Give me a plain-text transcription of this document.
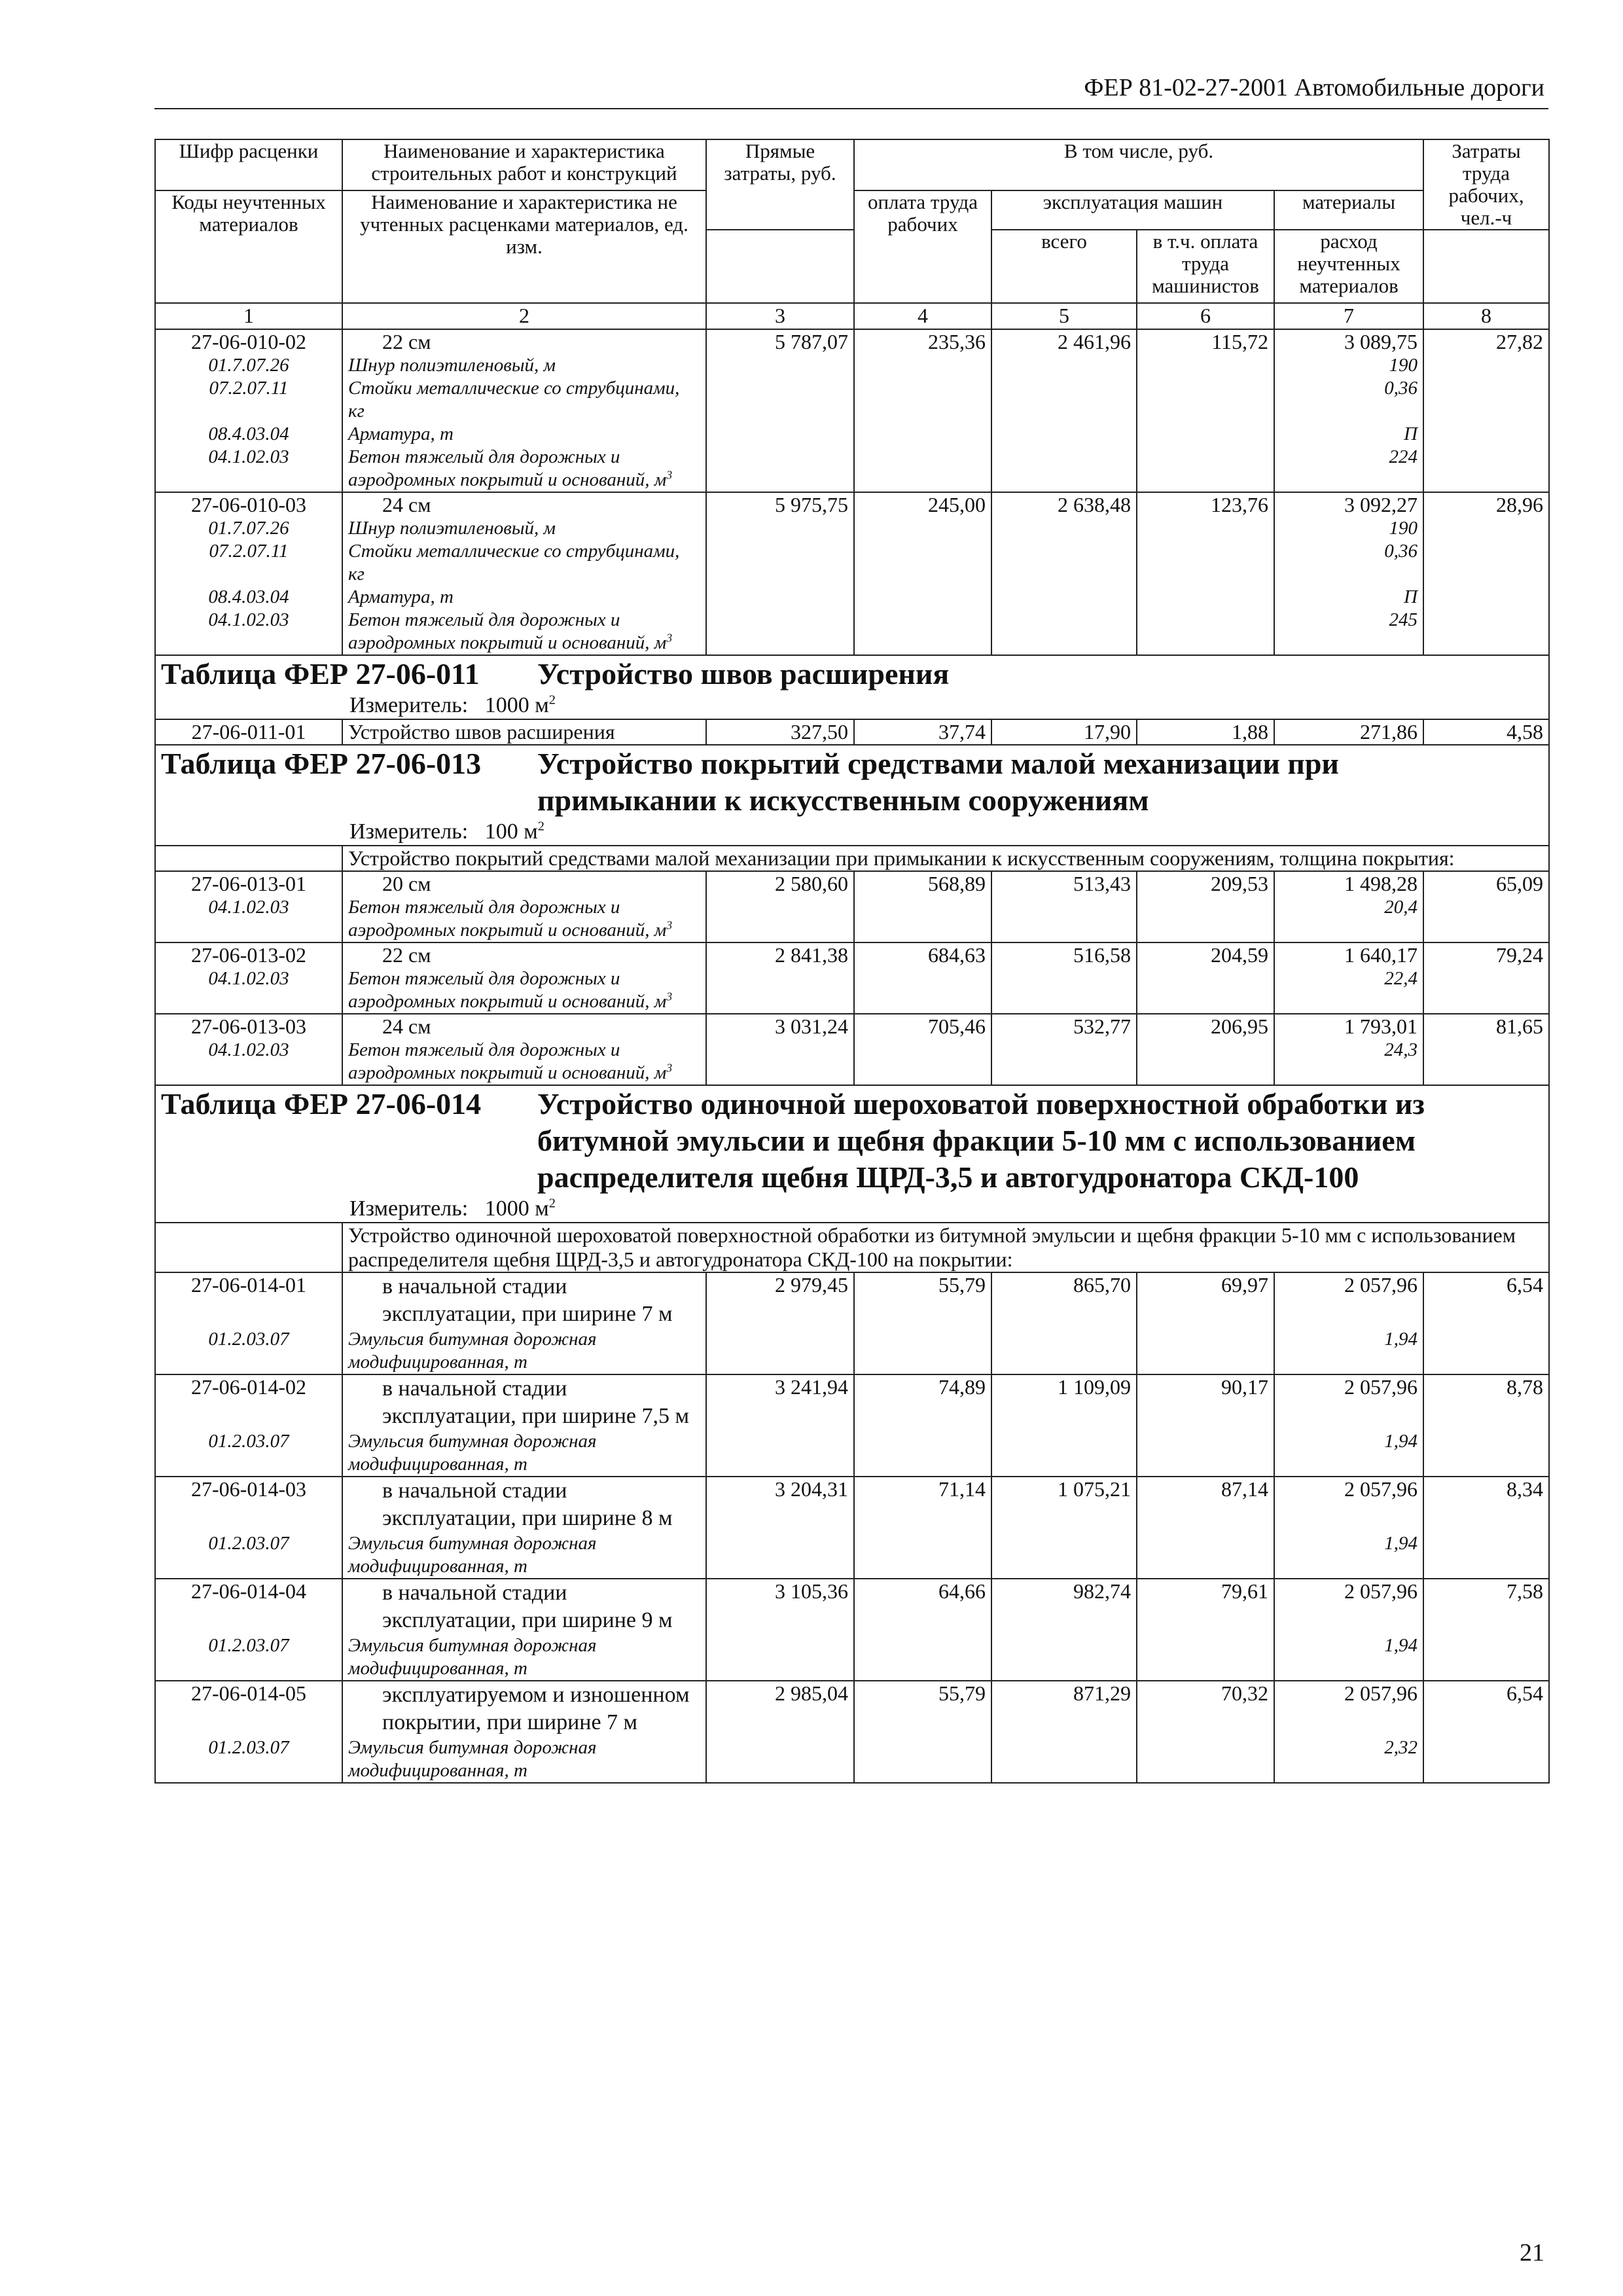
ФЕР 81-02-27-2001 Автомобильные дороги
Шифр расценки	Наименование и характеристика строительных работ и конструкций	Прямые затраты, руб.	В том числе, руб.				Затраты труда рабочих, чел.-ч
Коды неучтенных материалов	Наименование и характеристика не учтенных расценками материалов, ед. изм.		оплата труда рабочих	эксплуатация машин		материалы	
				всего	в т.ч. оплата труда машинистов	расход неучтенных материалов	
1	2	3	4	5	6	7	8
27-06-010-02	22 см	5 787,07	235,36	2 461,96	115,72	3 089,75	27,82
01.7.07.26	Шнур полиэтиленовый, м					190	
07.2.07.11	Стойки металлические со струбцинами, кг					0,36	
08.4.03.04	Арматура, т					П	
04.1.02.03	Бетон тяжелый для дорожных и аэродромных покрытий и оснований, $м^3$					224	
27-06-010-03	24 см	5 975,75	245,00	2 638,48	123,76	3 092,27	28,96
01.7.07.26	Шнур полиэтиленовый, м					190	
07.2.07.11	Стойки металлические со струбцинами, кг					0,36	
08.4.03.04	Арматура, т					П	
04.1.02.03	Бетон тяжелый для дорожных и аэродромных покрытий и оснований, $м^3$					245	
Таблица ФЕР 27-06-011 Устройство швов расширения
Измеритель: 1000 $м^2$

27-06-011-01	Устройство швов расширения	327,50	37,74	17,90	1,88	271,86	4,58
Таблица ФЕР 27-06-013 Устройство покрытий средствами малой механизации при примыкании к искусственным сооружениям
Измеритель: 100 $м^2$

	Устройство покрытий средствами малой механизации при примыкании к искусственным сооружениям, толщина покрытия:						
27-06-013-01	20 см	2 580,60	568,89	513,43	209,53	1 498,28	65,09
04.1.02.03	Бетон тяжелый для дорожных и аэродромных покрытий и оснований, $м^3$					20,4	
27-06-013-02	22 см	2 841,38	684,63	516,58	204,59	1 640,17	79,24
04.1.02.03	Бетон тяжелый для дорожных и аэродромных покрытий и оснований, $м^3$					22,4	
27-06-013-03	24 см	3 031,24	705,46	532,77	206,95	1 793,01	81,65
04.1.02.03	Бетон тяжелый для дорожных и аэродромных покрытий и оснований, $м^3$					24,3	
Таблица ФЕР 27-06-014 Устройство одиночной шероховатой поверхностной обработки из битумной эмульсии и щебня фракции 5-10 мм с использованием распределителя щебня ЩРД-3,5 и автогудронатора СКД-100
Измеритель: 1000 $м^2$

	Устройство одиночной шероховатой поверхностной обработки из битумной эмульсии и щебня фракции 5-10 мм с использованием распределителя щебня ЩРД-3,5 и автогудронатора СКД-100 на покрытии:						
27-06-014-01	в начальной стадии эксплуатации, при ширине 7 м	2 979,45	55,79	865,70	69,97	2 057,96	6,54
01.2.03.07	Эмульсия битумная дорожная модифицированная, т					1,94	
27-06-014-02	в начальной стадии эксплуатации, при ширине 7,5 м	3 241,94	74,89	1 109,09	90,17	2 057,96	8,78
01.2.03.07	Эмульсия битумная дорожная модифицированная, т					1,94	
27-06-014-03	в начальной стадии эксплуатации, при ширине 8 м	3 204,31	71,14	1 075,21	87,14	2 057,96	8,34
01.2.03.07	Эмульсия битумная дорожная модифицированная, т					1,94	
27-06-014-04	в начальной стадии эксплуатации, при ширине 9 м	3 105,36	64,66	982,74	79,61	2 057,96	7,58
01.2.03.07	Эмульсия битумная дорожная модифицированная, т					1,94	
27-06-014-05	эксплуатируемом и изношенном покрытии, при ширине 7 м	2 985,04	55,79	871,29	70,32	2 057,96	6,54
01.2.03.07	Эмульсия битумная дорожная модифицированная, т					2,32	
21
